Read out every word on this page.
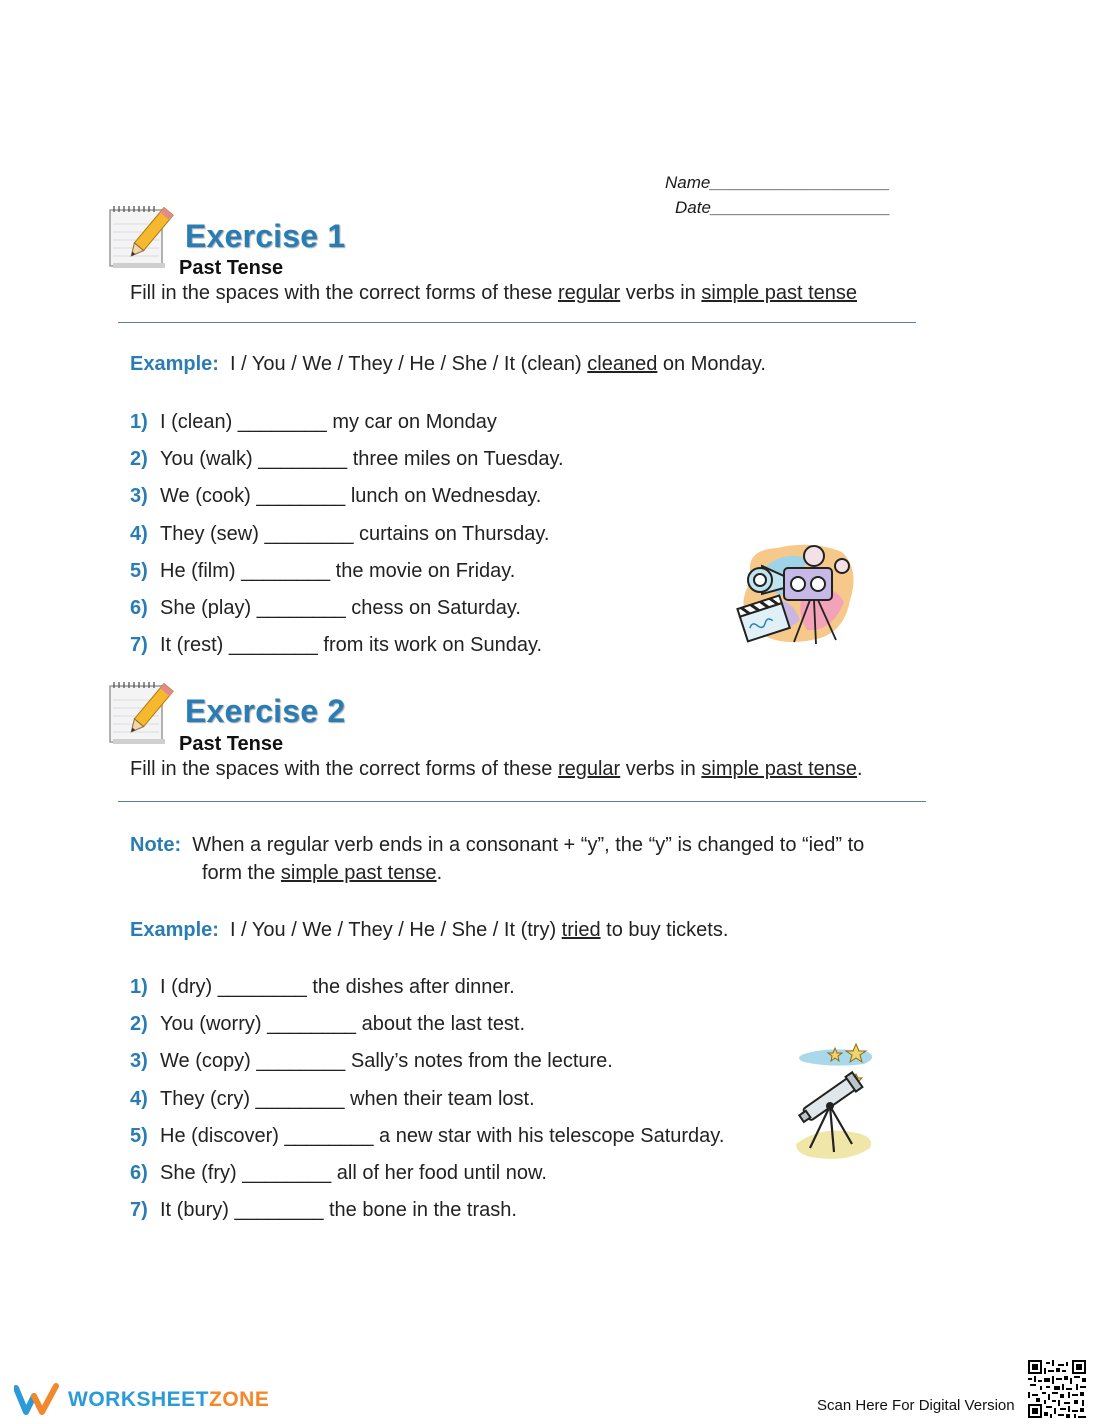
Name___________________
Date___________________
Exercise 1
Past Tense
Fill in the spaces with the correct forms of these regular verbs in simple past tense
Example:  I / You / We / They / He / She / It (clean) cleaned on Monday.
1) I (clean) ________ my car on Monday
2) You (walk) ________ three miles on Tuesday.
3) We (cook) ________ lunch on Wednesday.
4) They (sew) ________ curtains on Thursday.
5) He (film) ________ the movie on Friday.
6) She (play) ________ chess on Saturday.
7) It (rest) ________ from its work on Sunday.
Exercise 2
Past Tense
Fill in the spaces with the correct forms of these regular verbs in simple past tense.
Note:  When a regular verb ends in a consonant + “y”, the “y” is changed to “ied” to
form the simple past tense.
Example:  I / You / We / They / He / She / It (try) tried to buy tickets.
1) I (dry) ________ the dishes after dinner.
2) You (worry) ________ about the last test.
3) We (copy) ________ Sally’s notes from the lecture.
4) They (cry) ________ when their team lost.
5) He (discover) ________ a new star with his telescope Saturday.
6) She (fry) ________ all of her food until now.
7) It (bury) ________ the bone in the trash.
WORKSHEETZONE	Scan Here For Digital Version
